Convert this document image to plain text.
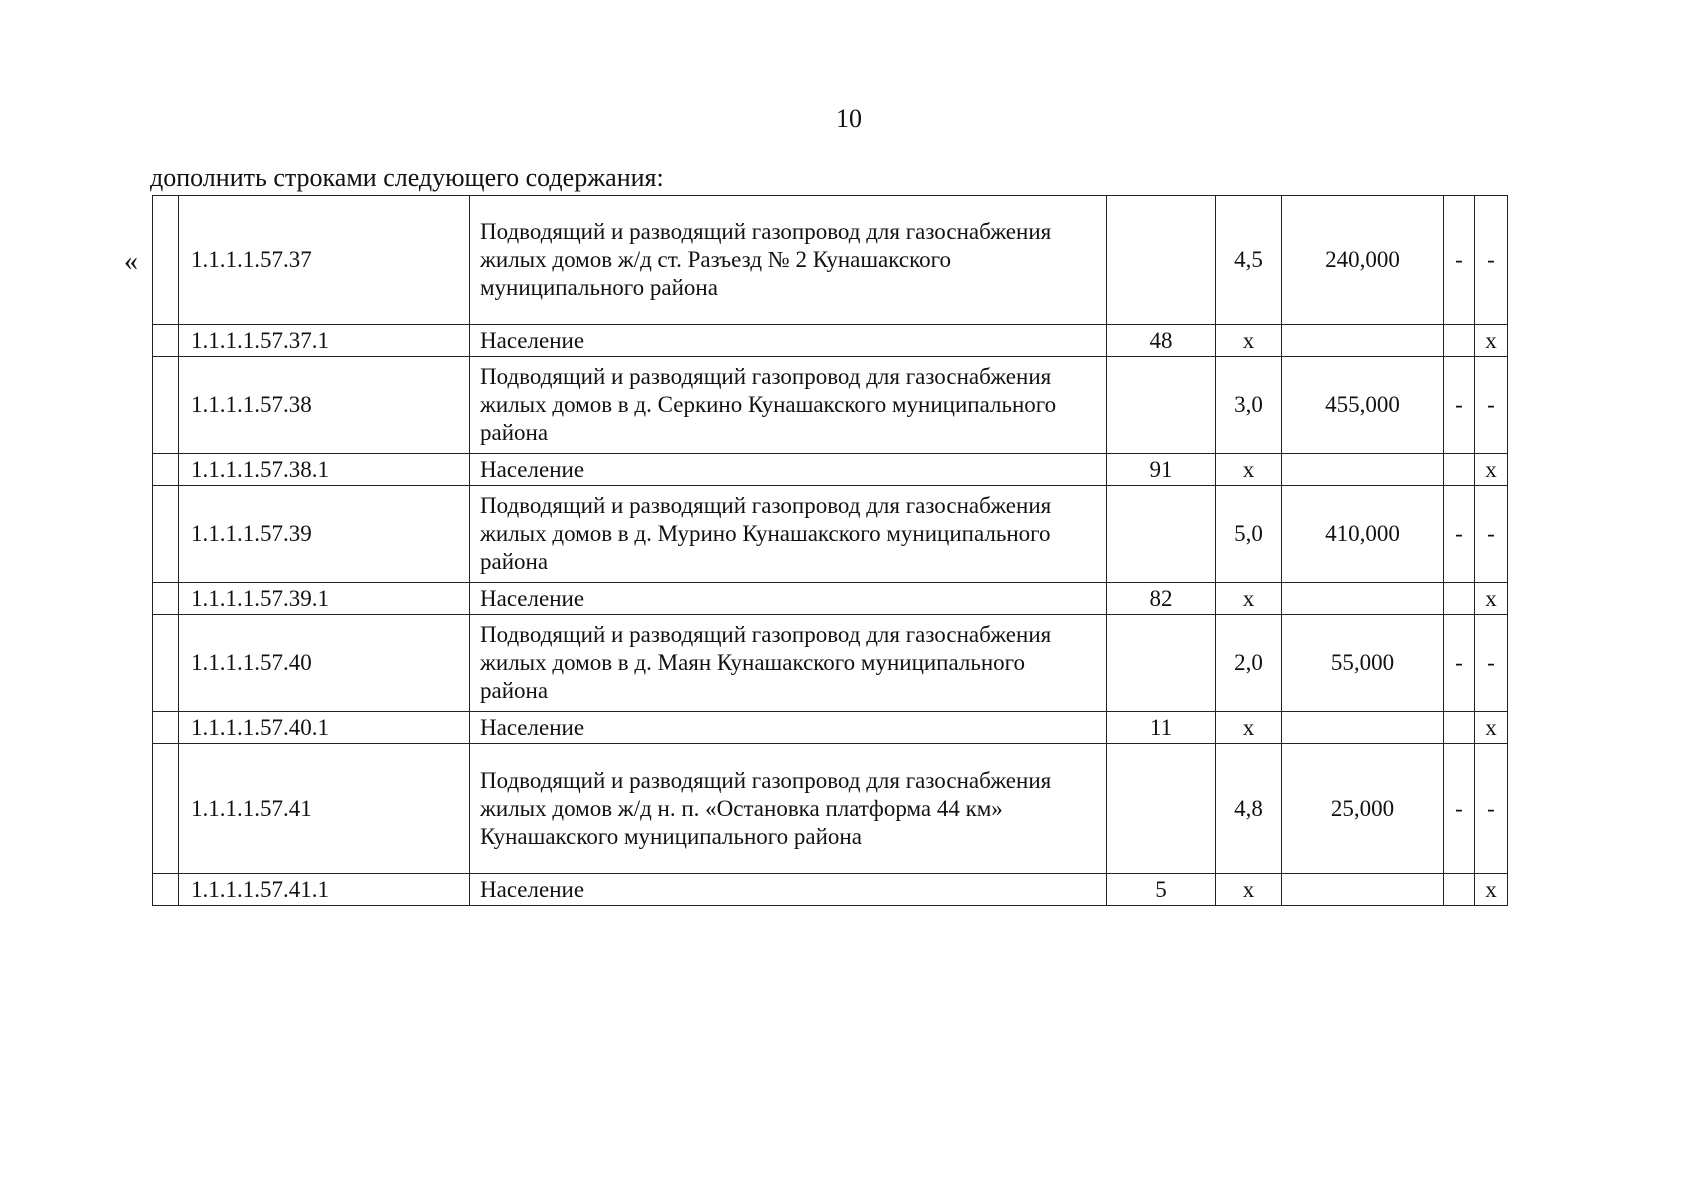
10
дополнить строками следующего содержания:
«
	1.1.1.1.57.37	Подводящий и разводящий газопровод для газоснабжения жилых домов ж/д ст. Разъезд № 2 Кунашакского муниципального района		4,5	240,000	-	-
	1.1.1.1.57.37.1	Население	48	х			х
	1.1.1.1.57.38	Подводящий и разводящий газопровод для газоснабжения жилых домов в д. Серкино Кунашакского муниципального района		3,0	455,000	-	-
	1.1.1.1.57.38.1	Население	91	х			х
	1.1.1.1.57.39	Подводящий и разводящий газопровод для газоснабжения жилых домов в д. Мурино Кунашакского муниципального района		5,0	410,000	-	-
	1.1.1.1.57.39.1	Население	82	х			х
	1.1.1.1.57.40	Подводящий и разводящий газопровод для газоснабжения жилых домов в д. Маян Кунашакского муниципального района		2,0	55,000	-	-
	1.1.1.1.57.40.1	Население	11	х			х
	1.1.1.1.57.41	Подводящий и разводящий газопровод для газоснабжения жилых домов ж/д н. п. «Остановка платформа 44 км» Кунашакского муниципального района		4,8	25,000	-	-
	1.1.1.1.57.41.1	Население	5	х			х
